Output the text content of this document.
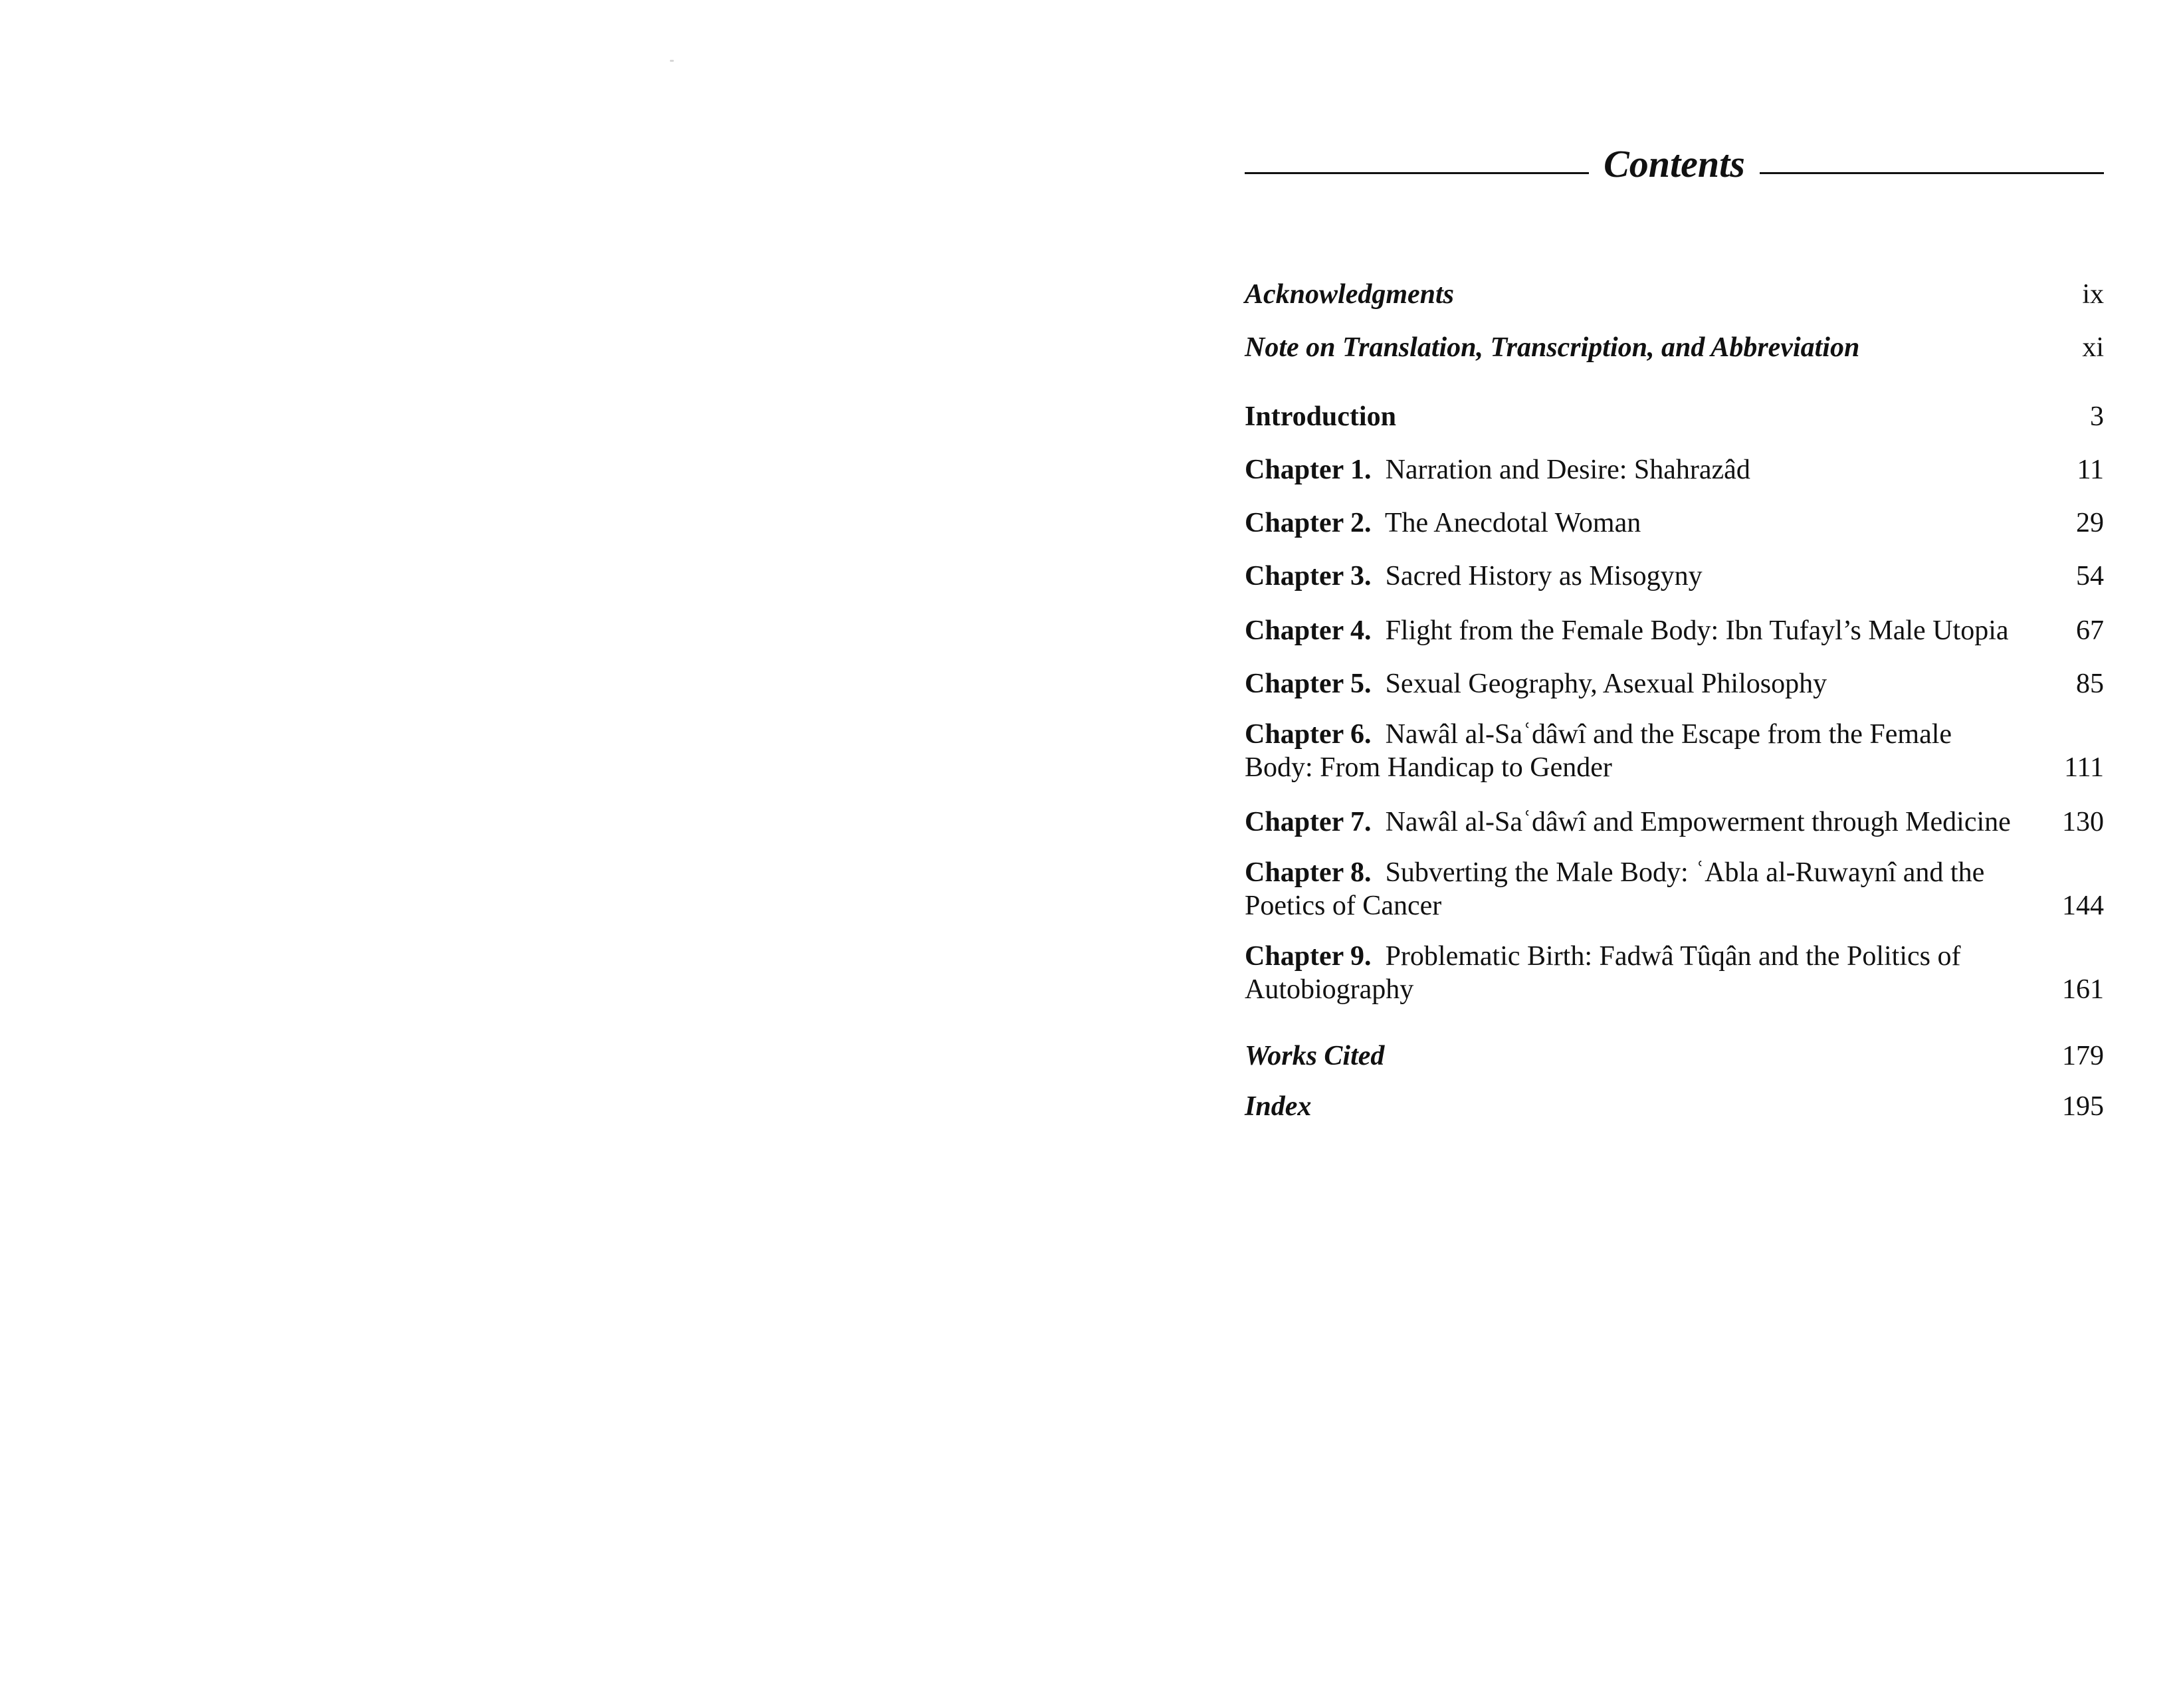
Contents
Acknowledgments	ix
Note on Translation, Transcription, and Abbreviation	xi
Introduction	3
Chapter 1. Narration and Desire: Shahrazâd	11
Chapter 2. The Anecdotal Woman	29
Chapter 3. Sacred History as Misogyny	54
Chapter 4. Flight from the Female Body: Ibn Tufayl’s Male Utopia	67
Chapter 5. Sexual Geography, Asexual Philosophy	85
Chapter 6. Nawâl al-Saʿdâwî and the Escape from the Female Body: From Handicap to Gender	111
Chapter 7. Nawâl al-Saʿdâwî and Empowerment through Medicine	130
Chapter 8. Subverting the Male Body: ʿAbla al-Ruwaynî and the Poetics of Cancer	144
Chapter 9. Problematic Birth: Fadwâ Tûqân and the Politics of Autobiography	161
Works Cited	179
Index	195
